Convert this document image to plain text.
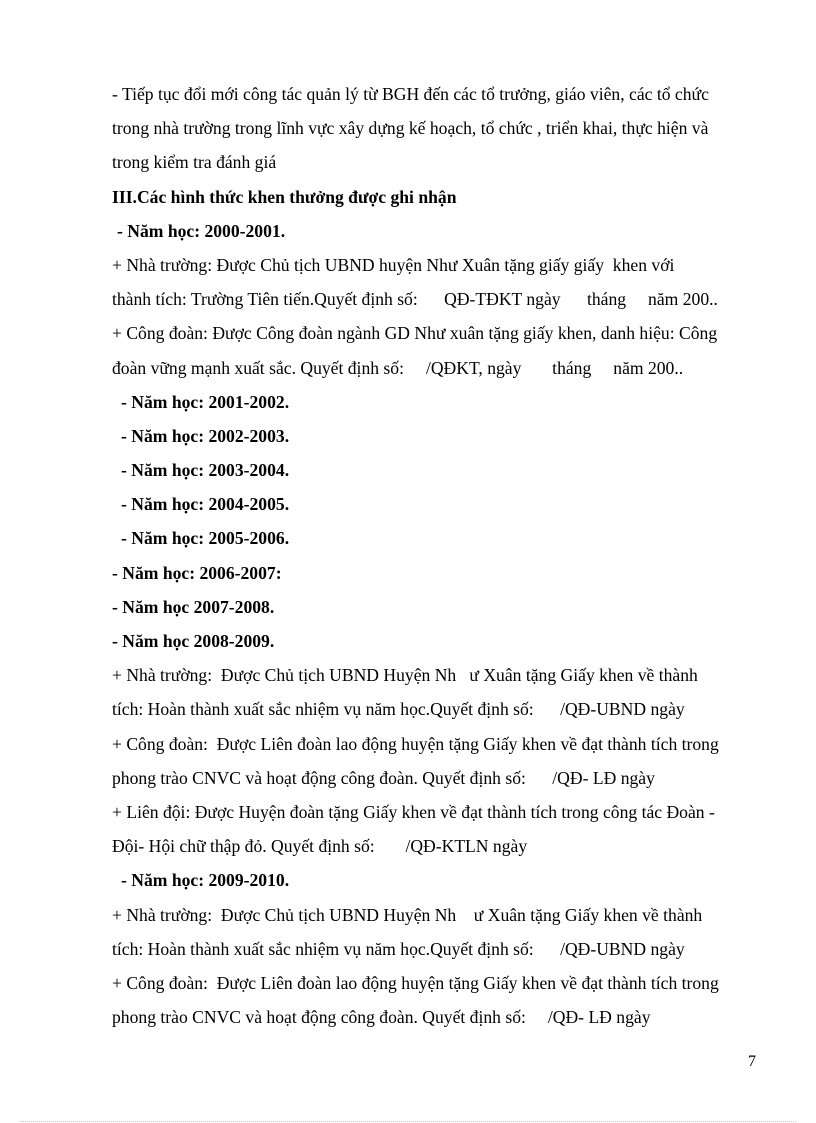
- Tiếp tục đổi mới công tác quản lý từ BGH đến các tổ trưởng, giáo viên, các tổ chức
trong nhà trường trong lĩnh vực xây dựng kế hoạch, tổ chức , triển khai, thực hiện và
trong kiểm tra đánh giá
III.Các hình thức khen thưởng được ghi nhận
- Năm học: 2000-2001.
+ Nhà trường: Được Chủ tịch UBND huyện Như Xuân tặng giấy giấy  khen với
thành tích: Trường Tiên tiến.Quyết định số:      QĐ-TĐKT ngày      tháng     năm 200..
+ Công đoàn: Được Công đoàn ngành GD Như xuân tặng giấy khen, danh hiệu: Công
đoàn vững mạnh xuất sắc. Quyết định số:     /QĐKT, ngày       tháng     năm 200..
- Năm học: 2001-2002.
- Năm học: 2002-2003.
- Năm học: 2003-2004.
- Năm học: 2004-2005.
- Năm học: 2005-2006.
- Năm học: 2006-2007:
- Năm học 2007-2008.
- Năm học 2008-2009.
+ Nhà trường:  Được Chủ tịch UBND Huyện Nh   ư Xuân tặng Giấy khen về thành
tích: Hoàn thành xuất sắc nhiệm vụ năm học.Quyết định số:      /QĐ-UBND ngày
+ Công đoàn:  Được Liên đoàn lao động huyện tặng Giấy khen về đạt thành tích trong
phong trào CNVC và hoạt động công đoàn. Quyết định số:      /QĐ- LĐ ngày
+ Liên đội: Được Huyện đoàn tặng Giấy khen về đạt thành tích trong công tác Đoàn -
Đội- Hội chữ thập đỏ. Quyết định số:       /QĐ-KTLN ngày
- Năm học: 2009-2010.
+ Nhà trường:  Được Chủ tịch UBND Huyện Nh    ư Xuân tặng Giấy khen về thành
tích: Hoàn thành xuất sắc nhiệm vụ năm học.Quyết định số:      /QĐ-UBND ngày
+ Công đoàn:  Được Liên đoàn lao động huyện tặng Giấy khen về đạt thành tích trong
phong trào CNVC và hoạt động công đoàn. Quyết định số:     /QĐ- LĐ ngày
7
